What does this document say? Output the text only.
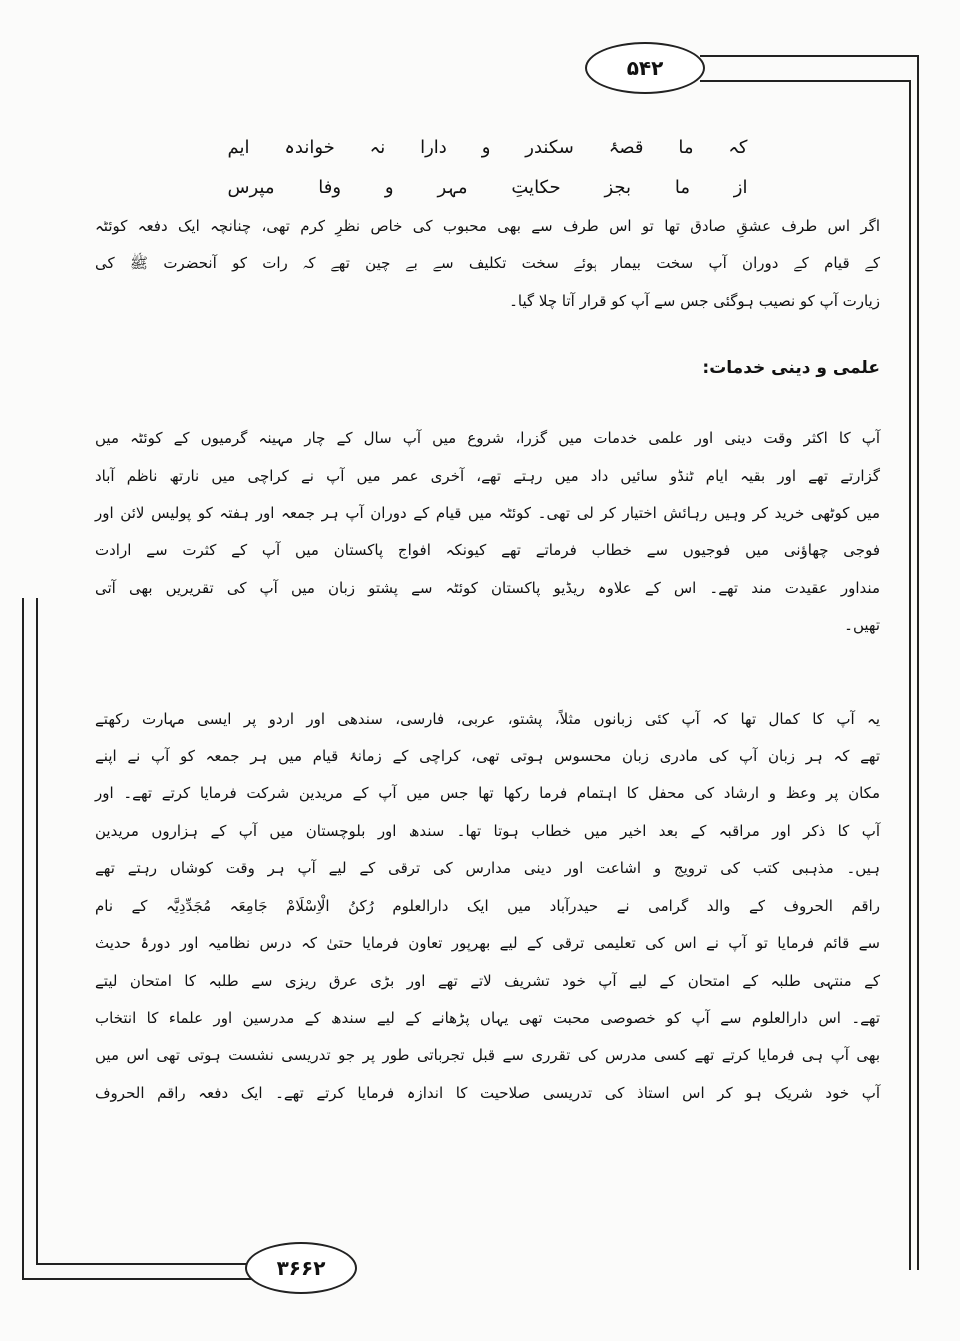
۵۴۲
۳۶۶۲
کہ ما قصۂ سکندر و دارا نہ خواندہ ایم
از ما بجز حکایتِ مہر و وفا مپرس
اگر اس طرف عشقِ صادق تھا تو اس طرف سے بھی محبوب کی خاص نظرِ کرم تھی، چنانچہ ایک دفعہ کوئٹہ
کے قیام کے دوران آپ سخت بیمار ہوئے سخت تکلیف سے بے چین تھے کہ رات کو آنحضرت ﷺ کی
زیارت آپ کو نصیب ہوگئی جس سے آپ کو قرار آتا چلا گیا۔
علمی و دینی خدمات:
آپ کا اکثر وقت دینی اور علمی خدمات میں گزرا، شروع میں آپ سال کے چار مہینہ گرمیوں کے کوئٹہ میں
گزارتے تھے اور بقیہ ایام ٹنڈو سائیں داد میں رہتے تھے، آخری عمر میں آپ نے کراچی میں نارتھ ناظم آباد
میں کوٹھی خرید کر وہیں رہائش اختیار کر لی تھی۔ کوئٹہ میں قیام کے دوران آپ ہر جمعہ اور ہفتہ کو پولیس لائن اور
فوجی چھاؤنی میں فوجیوں سے خطاب فرماتے تھے کیونکہ افواج پاکستان میں آپ کے کثرت سے ارادت
منداور عقیدت مند تھے۔ اس کے علاوہ ریڈیو پاکستان کوئٹہ سے پشتو زبان میں آپ کی تقریریں بھی آتی
تھیں۔
یہ آپ کا کمال تھا کہ آپ کئی زبانوں مثلاً، پشتو، عربی، فارسی، سندھی اور اردو پر ایسی مہارت رکھتے
تھے کہ ہر زبان آپ کی مادری زبان محسوس ہوتی تھی، کراچی کے زمانۂ قیام میں ہر جمعہ کو آپ نے اپنے
مکان پر وعظ و ارشاد کی محفل کا اہتمام فرما رکھا تھا جس میں آپ کے مریدین شرکت فرمایا کرتے تھے۔ اور
آپ کا ذکر اور مراقبہ کے بعد اخیر میں خطاب ہوتا تھا۔ سندھ اور بلوچستان میں آپ کے ہزاروں مریدین
ہیں۔ مذہبی کتب کی ترویج و اشاعت اور دینی مدارس کی ترقی کے لیے آپ ہر وقت کوشاں رہتے تھے
راقم الحروف کے والد گرامی نے حیدرآباد میں ایک دارالعلوم رُکنُ الْاِسْلَامْ جَامِعَہ مُجَدِّدِیَّہ کے نام
سے قائم فرمایا تو آپ نے اس کی تعلیمی ترقی کے لیے بھرپور تعاون فرمایا حتیٰ کہ درس نظامیہ اور دورۂ حدیث
کے منتہی طلبہ کے امتحان کے لیے آپ خود تشریف لاتے تھے اور بڑی عرق ریزی سے طلبہ کا امتحان لیتے
تھے۔ اس دارالعلوم سے آپ کو خصوصی محبت تھی یہاں پڑھانے کے لیے سندھ کے مدرسین اور علماء کا انتخاب
بھی آپ ہی فرمایا کرتے تھے کسی مدرس کی تقرری سے قبل تجرباتی طور پر جو تدریسی نشست ہوتی تھی اس میں
آپ خود شریک ہو کر اس استاذ کی تدریسی صلاحیت کا اندازہ فرمایا کرتے تھے۔ ایک دفعہ راقم الحروف
